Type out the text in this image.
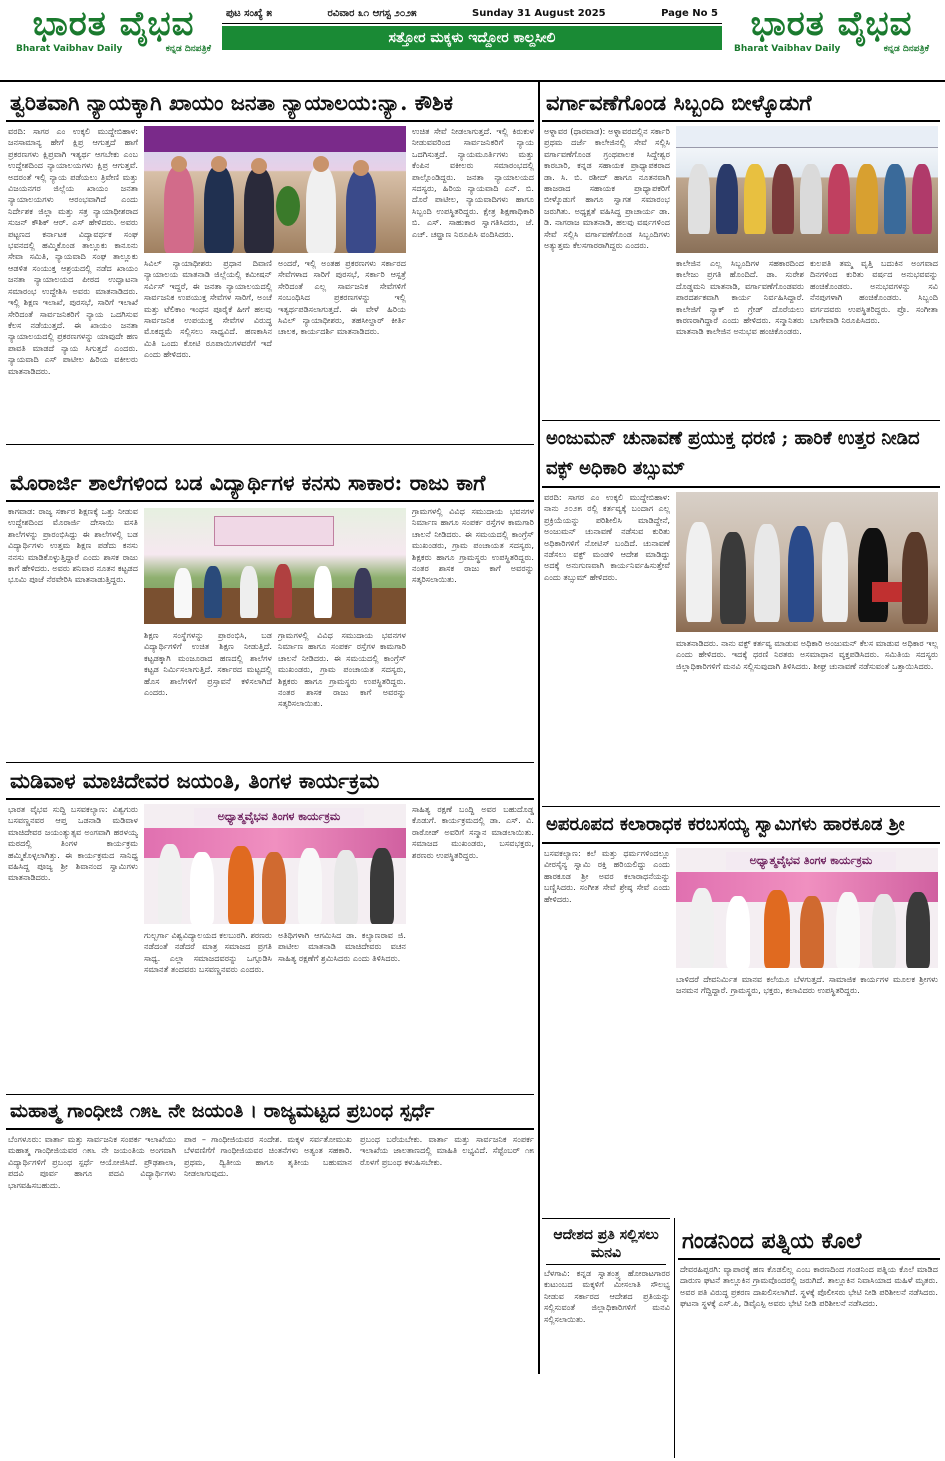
ಭಾರತ ವೈಭವ
Bharat Vaibhav Daily	ಕನ್ನಡ ದಿನಪತ್ರಿಕೆ
ಪುಟ ಸಂಖ್ಯೆ ೫	ರವಿವಾರ ೩೧ ಆಗಸ್ಟ ೨೦೨೫	Sunday 31 August 2025	Page No 5
ಸತ್ತೋರ ಮಕ್ಕಳು ಇದ್ದೋರ ಕಾಲ್ದಸೀಲಿ	ಭಾರತ ವೈಭವ
Bharat Vaibhav Daily	ಕನ್ನಡ ದಿನಪತ್ರಿಕೆ
ತ್ವರಿತವಾಗಿ ನ್ಯಾಯಕ್ಕಾಗಿ ಖಾಯಂ ಜನತಾ ನ್ಯಾಯಾಲಯ:ನ್ಯಾ. ಕೌಶಿಕ
ವರದಿ: ಸಾಗರ ಎಂ ಉಕ್ಕಲಿ ಮುದ್ದೇಬಿಹಾಳ: ಜನಸಾಮಾನ್ಯ ಹೇಗೆ ಕ್ಷಿಪ್ರ ಆಗುತ್ತದೆ ಹಾಗೆ ಪ್ರಕರಣಗಳು ಕ್ಷಿಪ್ರವಾಗಿ ಇತ್ಯರ್ಥ ಆಗಬೇಕು ಎಂಬ ಉದ್ದೇಶದಿಂದ ನ್ಯಾಯಾಲಯಗಳು ಕ್ಷಿಪ್ರ ಆಗುತ್ತವೆ. ಅದರಂತೆ ಇಲ್ಲಿ ನ್ಯಾಯ ಪಡೆಯಲು ತ್ರಿವೇಣಿ ಮತ್ತು ವಿಜಯನಗರ ಜಿಲ್ಲೆಯ ಖಾಯಂ ಜನತಾ ನ್ಯಾಯಾಲಯಗಳು ಆರಂಭವಾಗಿದೆ ಎಂದು ನಿರ್ದೇಶಕ ಜಿಲ್ಲಾ ಮತ್ತು ಸತ್ರ ನ್ಯಾಯಾಧೀಶರಾದ ಸುಜನ್ ಕೌಶಿಕ್ ಆರ್. ಎಸ್ ಹೇಳಿದರು. ಅವರು ಪಟ್ಟಣದ ಕರ್ನಾಟಕ ವಿದ್ಯಾವರ್ಧಕ ಸಂಘ ಭವನದಲ್ಲಿ ಹಮ್ಮಿಕೊಂಡ ತಾಲ್ಲೂಕು ಕಾನೂನು ಸೇವಾ ಸಮಿತಿ, ನ್ಯಾಯವಾದಿ ಸಂಘ ತಾಲ್ಲೂಕು ಆಡಳಿತ ಸಂಯುಕ್ತ ಆಶ್ರಯದಲ್ಲಿ ನಡೆದ ಖಾಯಂ ಜನತಾ ನ್ಯಾಯಾಲಯದ ಪೀಠದ ಉದ್ಘಾಟನಾ ಸಮಾರಂಭ ಉದ್ದೇಶಿಸಿ ಅವರು ಮಾತನಾಡಿದರು. ಇಲ್ಲಿ ಶಿಕ್ಷಣ ಇಲಾಖೆ, ಪುರಸಭೆ, ಸಾರಿಗೆ ಇಲಾಖೆ ಸೇರಿದಂತೆ ಸಾರ್ವಜನಿಕರಿಗೆ ನ್ಯಾಯ ಒದಗಿಸುವ ಕೆಲಸ ನಡೆಯುತ್ತದೆ. ಈ ಖಾಯಂ ಜನತಾ ನ್ಯಾಯಾಲಯದಲ್ಲಿ ಪ್ರಕರಣಗಳನ್ನು ಯಾವುದೇ ಹಣ ಪಾವತಿ ಮಾಡದೆ ನ್ಯಾಯ ಸಿಗುತ್ತದೆ ಎಂದರು. ನ್ಯಾಯವಾದಿ ಎಸ್ ಪಾಟೀಲ ಹಿರಿಯ ವಕೀಲರು ಮಾತನಾಡಿದರು.
ಸಿವಿಲ್ ನ್ಯಾಯಾಧೀಶರು ಪ್ರಧಾನ ದಿವಾಣಿ ನ್ಯಾಯಾಲಯ ಮಾತನಾಡಿ ಜಿಲ್ಲೆಯಲ್ಲಿ ಕಮೀಷನ್ ಸರ್ವಿಸ್ ಇದ್ದರೆ, ಈ ಜನತಾ ನ್ಯಾಯಾಲಯದಲ್ಲಿ ಸಾರ್ವಜನಿಕ ಉಪಯುಕ್ತ ಸೇವೆಗಳ ಸಾರಿಗೆ, ಅಂಚೆ ಮತ್ತು ಟೆಲಿಕಾಂ ಇಂಧನ ಪೂರೈಕೆ ಹೀಗೆ ಹಲವು ಸಾರ್ವಜನಿಕ ಉಪಯುಕ್ತ ಸೇವೆಗಳ ವಿರುದ್ಧ ಮೊಕದ್ದಮೆ ಸಲ್ಲಿಸಲು ಸಾಧ್ಯವಿದೆ. ಹಣಕಾಸಿನ ಮಿತಿ ಒಂದು ಕೋಟಿ ರೂಪಾಯಿಗಳವರೆಗೆ ಇದೆ ಎಂದು ಹೇಳಿದರು.
ಅಂದರೆ, ಇಲ್ಲಿ ಅಂತಹ ಪ್ರಕರಣಗಳು ಸರ್ಕಾರದ ಸೇವೆಗಳಾದ ಸಾರಿಗೆ ಪುರಸಭೆ, ಸರ್ಕಾರಿ ಆಸ್ಪತ್ರೆ ಸೇರಿದಂತೆ ಎಲ್ಲ ಸಾರ್ವಜನಿಕ ಸೇವೆಗಳಿಗೆ ಸಂಬಂಧಿಸಿದ ಪ್ರಕರಣಗಳನ್ನು ಇಲ್ಲಿ ಇತ್ಯರ್ಥಪಡಿಸಲಾಗುತ್ತದೆ. ಈ ವೇಳೆ ಹಿರಿಯ ಸಿವಿಲ್ ನ್ಯಾಯಾಧೀಶರು, ತಹಸೀಲ್ದಾರ್ ಕೀರ್ತಿ ಚಾಲಕ, ಕಾರ್ಯದರ್ಶಿ ಮಾತನಾಡಿದರು.
ಉಚಿತ ಸೇವೆ ನೀಡಲಾಗುತ್ತದೆ. ಇಲ್ಲಿ ಕಿರುಕುಳ ನೀಡುವವರಿಂದ ಸಾರ್ವಜನಿಕರಿಗೆ ನ್ಯಾಯ ಒದಗಿಸುತ್ತದೆ. ನ್ಯಾಯಮೂರ್ತಿಗಳು ಮತ್ತು ಕೆಂಪಿನ ವಕೀಲರು ಸಮಾರಂಭದಲ್ಲಿ ಪಾಲ್ಗೊಂಡಿದ್ದರು. ಜನತಾ ನ್ಯಾಯಾಲಯದ ಸದಸ್ಯರು, ಹಿರಿಯ ನ್ಯಾಯವಾದಿ ಎನ್. ಬಿ. ದೊರೆ ಪಾಟೀಲ, ನ್ಯಾಯವಾದಿಗಳು ಹಾಗೂ ಸಿಬ್ಬಂದಿ ಉಪಸ್ಥಿತರಿದ್ದರು. ಕ್ಷೇತ್ರ ಶಿಕ್ಷಣಾಧಿಕಾರಿ ಬಿ. ಎಸ್. ಸಾಹುಕಾರ ಸ್ವಾಗತಿಸಿದರು, ಜೆ. ಎಚ್. ಚವ್ಹಾಣ ನಿರೂಪಿಸಿ ವಂದಿಸಿದರು.
ವರ್ಗಾವಣೆಗೊಂಡ ಸಿಬ್ಬಂದಿ ಬೀಳ್ಕೊಡುಗೆ
ಅಳ್ನಾವರ (ಧಾರವಾಡ): ಅಳ್ನಾವರದಲ್ಲಿನ ಸರ್ಕಾರಿ ಪ್ರಥಮ ದರ್ಜೆ ಕಾಲೇಜಿನಲ್ಲಿ ಸೇವೆ ಸಲ್ಲಿಸಿ ವರ್ಗಾವಣೆಗೊಂಡ ಗ್ರಂಥಪಾಲಕ ಸಿದ್ದೇಶ್ವರ ಕಾರಬಾರಿ, ಕನ್ನಡ ಸಹಾಯಕ ಪ್ರಾಧ್ಯಾಪಕರಾದ ಡಾ. ಸಿ. ಬಿ. ರಶೀದ್ ಹಾಗೂ ನೂತನವಾಗಿ ಹಾಜರಾದ ಸಹಾಯಕ ಪ್ರಾಧ್ಯಾಪಕರಿಗೆ ಬೀಳ್ಕೊಡುಗೆ ಹಾಗೂ ಸ್ವಾಗತ ಸಮಾರಂಭ ಜರುಗಿತು. ಅಧ್ಯಕ್ಷತೆ ವಹಿಸಿದ್ದ ಪ್ರಾಚಾರ್ಯ ಡಾ. ಡಿ. ನಾಗರಾಜ ಮಾತನಾಡಿ, ಹಲವು ವರ್ಷಗಳಿಂದ ಸೇವೆ ಸಲ್ಲಿಸಿ ವರ್ಗಾವಣೆಗೊಂಡ ಸಿಬ್ಬಂದಿಗಳು ಅತ್ಯುತ್ತಮ ಕೆಲಸಗಾರರಾಗಿದ್ದರು ಎಂದರು.
ಕಾಲೇಜಿನ ಎಲ್ಲ ಸಿಬ್ಬಂದಿಗಳ ಸಹಕಾರದಿಂದ ಕಾಲೇಜು ಪ್ರಗತಿ ಹೊಂದಿದೆ. ಡಾ. ಸುರೇಶ ದೊಡ್ಡಮನಿ ಮಾತನಾಡಿ, ವರ್ಗಾವಣೆಗೊಂಡವರು ಪಾರದರ್ಶಕವಾಗಿ ಕಾರ್ಯ ನಿರ್ವಹಿಸಿದ್ದಾರೆ. ಕಾಲೇಜಿಗೆ ನ್ಯಾಕ್ ಬಿ ಗ್ರೇಡ್ ದೊರೆಯಲು ಕಾರಣರಾಗಿದ್ದಾರೆ ಎಂದು ಹೇಳಿದರು. ಸನ್ಮಾನಿತರು ಮಾತನಾಡಿ ಕಾಲೇಜಿನ ಅನುಭವ ಹಂಚಿಕೊಂಡರು.
ಕುಲಪತಿ ತಮ್ಮ ವೃತ್ತಿ ಬದುಕಿನ ಅಂಗವಾದ ದಿನಗಳಿಂದ ಕುರಿತು ವರ್ಷದ ಅನುಭವವನ್ನು ಹಂಚಿಕೊಂಡರು. ಅನುಭವಗಳನ್ನು ಸವಿ ನೆನಪುಗಳಾಗಿ ಹಂಚಿಕೊಂಡರು. ಸಿಬ್ಬಂದಿ ವರ್ಗದವರು ಉಪಸ್ಥಿತರಿದ್ದರು. ಪ್ರೊ. ಸಂಗೀತಾ ಬಾಗೇವಾಡಿ ನಿರೂಪಿಸಿದರು.
ಮೊರಾರ್ಜಿ ಶಾಲೆಗಳಿಂದ ಬಡ ವಿದ್ಯಾರ್ಥಿಗಳ ಕನಸು ಸಾಕಾರ: ರಾಜು ಕಾಗೆ
ಕಾಗವಾಡ: ರಾಜ್ಯ ಸರ್ಕಾರ ಶಿಕ್ಷಣಕ್ಕೆ ಒತ್ತು ನೀಡುವ ಉದ್ದೇಶದಿಂದ ಮೊರಾರ್ಜಿ ದೇಸಾಯಿ ವಸತಿ ಶಾಲೆಗಳನ್ನು ಪ್ರಾರಂಭಿಸಿದ್ದು ಈ ಶಾಲೆಗಳಲ್ಲಿ ಬಡ ವಿದ್ಯಾರ್ಥಿಗಳು ಉತ್ತಮ ಶಿಕ್ಷಣ ಪಡೆದು ಕನಸು ನನಸು ಮಾಡಿಕೊಳ್ಳುತ್ತಿದ್ದಾರೆ ಎಂದು ಶಾಸಕ ರಾಜು ಕಾಗೆ ಹೇಳಿದರು. ಅವರು ಶನಿವಾರ ನೂತನ ಕಟ್ಟಡದ ಭೂಮಿ ಪೂಜೆ ನೆರವೇರಿಸಿ ಮಾತನಾಡುತ್ತಿದ್ದರು.
ಶಿಕ್ಷಣ ಸಂಸ್ಥೆಗಳನ್ನು ಪ್ರಾರಂಭಿಸಿ, ಬಡ ವಿದ್ಯಾರ್ಥಿಗಳಿಗೆ ಉಚಿತ ಶಿಕ್ಷಣ ನೀಡುತ್ತಿದೆ. ಕಟ್ಟಡಕ್ಕಾಗಿ ಮಂಜೂರಾದ ಹಣದಲ್ಲಿ ಶಾಲೆಗಳ ಕಟ್ಟಡ ನಿರ್ಮಿಸಲಾಗುತ್ತಿದೆ. ಸರ್ಕಾರದ ಮಟ್ಟದಲ್ಲಿ ಹೊಸ ಶಾಲೆಗಳಿಗೆ ಪ್ರಸ್ತಾವನೆ ಕಳಿಸಲಾಗಿದೆ ಎಂದರು.
ಗ್ರಾಮಗಳಲ್ಲಿ ವಿವಿಧ ಸಮುದಾಯ ಭವನಗಳ ನಿರ್ಮಾಣ ಹಾಗೂ ಸಂಪರ್ಕ ರಸ್ತೆಗಳ ಕಾಮಗಾರಿ ಚಾಲನೆ ನೀಡಿದರು. ಈ ಸಮಯದಲ್ಲಿ ಕಾಂಗ್ರೆಸ್ ಮುಖಂಡರು, ಗ್ರಾಮ ಪಂಚಾಯತ ಸದಸ್ಯರು, ಶಿಕ್ಷಕರು ಹಾಗೂ ಗ್ರಾಮಸ್ಥರು ಉಪಸ್ಥಿತರಿದ್ದರು. ನಂತರ ಶಾಸಕ ರಾಜು ಕಾಗೆ ಅವರನ್ನು ಸತ್ಕರಿಸಲಾಯಿತು.
ಗ್ರಾಮಗಳಲ್ಲಿ ವಿವಿಧ ಸಮುದಾಯ ಭವನಗಳ ನಿರ್ಮಾಣ ಹಾಗೂ ಸಂಪರ್ಕ ರಸ್ತೆಗಳ ಕಾಮಗಾರಿ ಚಾಲನೆ ನೀಡಿದರು. ಈ ಸಮಯದಲ್ಲಿ ಕಾಂಗ್ರೆಸ್ ಮುಖಂಡರು, ಗ್ರಾಮ ಪಂಚಾಯತ ಸದಸ್ಯರು, ಶಿಕ್ಷಕರು ಹಾಗೂ ಗ್ರಾಮಸ್ಥರು ಉಪಸ್ಥಿತರಿದ್ದರು. ನಂತರ ಶಾಸಕ ರಾಜು ಕಾಗೆ ಅವರನ್ನು ಸತ್ಕರಿಸಲಾಯಿತು.
ಅಂಜುಮನ್ ಚುನಾವಣೆ ಪ್ರಯುಕ್ತ ಧರಣಿ ; ಹಾರಿಕೆ ಉತ್ತರ ನೀಡಿದ ವಕ್ಫ್ ಅಧಿಕಾರಿ ತಬ್ಸುಮ್
ವರದಿ: ಸಾಗರ ಎಂ ಉಕ್ಕಲಿ ಮುದ್ದೇಬಿಹಾಳ: ನಾನು ೨೦೨೫ ರಲ್ಲಿ ಕರ್ತವ್ಯಕ್ಕೆ ಬಂದಾಗ ಎಲ್ಲ ಪ್ರಕ್ರಿಯೆಯನ್ನು ಪರಿಶೀಲಿಸಿ ಮಾಡಿದ್ದೇನೆ, ಅಂಜುಮನ್ ಚುನಾವಣೆ ನಡೆಸುವ ಕುರಿತು ಅಧಿಕಾರಿಗಳಿಗೆ ನೋಟಿಸ್ ಬಂದಿದೆ. ಚುನಾವಣೆ ನಡೆಸಲು ವಕ್ಫ್ ಮಂಡಳಿ ಆದೇಶ ಮಾಡಿದ್ದು ಅದಕ್ಕೆ ಅನುಗುಣವಾಗಿ ಕಾರ್ಯನಿರ್ವಹಿಸುತ್ತೇವೆ ಎಂದು ತಬ್ಸುಮ್ ಹೇಳಿದರು.
ಮಾತನಾಡಿದರು. ನಾನು ವಕ್ಫ್ ಕರ್ತವ್ಯ ಮಾಡುವ ಅಧಿಕಾರಿ ಅಂಜುಮನ್ ಕೆಲಸ ಮಾಡುವ ಅಧಿಕಾರ ಇಲ್ಲ ಎಂದು ಹೇಳಿದರು. ಇದಕ್ಕೆ ಧರಣಿ ನಿರತರು ಅಸಮಾಧಾನ ವ್ಯಕ್ತಪಡಿಸಿದರು. ಸಮಿತಿಯ ಸದಸ್ಯರು ಜಿಲ್ಲಾಧಿಕಾರಿಗಳಿಗೆ ಮನವಿ ಸಲ್ಲಿಸುವುದಾಗಿ ತಿಳಿಸಿದರು. ಶೀಘ್ರ ಚುನಾವಣೆ ನಡೆಸುವಂತೆ ಒತ್ತಾಯಿಸಿದರು.
ಮಡಿವಾಳ ಮಾಚಿದೇವರ ಜಯಂತಿ, ತಿಂಗಳ ಕಾರ್ಯಕ್ರಮ
ಭಾರತ ವೈಭವ ಸುದ್ದಿ ಬಸವಕಲ್ಯಾಣ: ವಿಶ್ವಗುರು ಬಸವಣ್ಣನವರ ಆಪ್ತ ಒಡನಾಡಿ ಮಡಿವಾಳ ಮಾಚಿದೇವರ ಜಯಂತ್ಯುತ್ಸವ ಅಂಗವಾಗಿ ಹರಳಯ್ಯ ಮಠದಲ್ಲಿ ತಿಂಗಳ ಕಾರ್ಯಕ್ರಮ ಹಮ್ಮಿಕೊಳ್ಳಲಾಗಿತ್ತು. ಈ ಕಾರ್ಯಕ್ರಮದ ಸಾನಿಧ್ಯ ವಹಿಸಿದ್ದ ಪೂಜ್ಯ ಶ್ರೀ ಶಿವಾನಂದ ಸ್ವಾಮಿಗಳು ಮಾತನಾಡಿದರು.
ಅಧ್ಯಾತ್ಮವೈಭವ ತಿಂಗಳ ಕಾರ್ಯಕ್ರಮ
ಗುಲ್ಬರ್ಗಾ ವಿಶ್ವವಿದ್ಯಾಲಯದ ಕಲಬುರಗಿ. ಶರಣರು ನಡೆದಂತೆ ನಡೆದರೆ ಮಾತ್ರ ಸಮಾಜದ ಪ್ರಗತಿ ಸಾಧ್ಯ. ಎಲ್ಲಾ ಸಮಾಜದವರನ್ನು ಒಗ್ಗೂಡಿಸಿ ಸಮಾನತೆ ತಂದವರು ಬಸವಣ್ಣನವರು ಎಂದರು.
ಅತಿಥಿಗಳಾಗಿ ಆಗಮಿಸಿದ ಡಾ. ಕಲ್ಯಾಣರಾವ ಜಿ. ಪಾಟೀಲ ಮಾತನಾಡಿ ಮಾಚಿದೇವರು ವಚನ ಸಾಹಿತ್ಯ ರಕ್ಷಣೆಗೆ ಶ್ರಮಿಸಿದರು ಎಂದು ತಿಳಿಸಿದರು.
ಸಾಹಿತ್ಯ ರಕ್ಷಣೆ ಬಂದ್ದಿ ಅವರ ಬಹುದೊಡ್ಡ ಕೊಡುಗೆ. ಕಾರ್ಯಕ್ರಮದಲ್ಲಿ ಡಾ. ಎಸ್. ವಿ. ರಾಠೋಡ್ ಅವರಿಗೆ ಸನ್ಮಾನ ಮಾಡಲಾಯಿತು. ಸಮಾಜದ ಮುಖಂಡರು, ಬಸವಭಕ್ತರು, ಶರಣರು ಉಪಸ್ಥಿತರಿದ್ದರು.
ಅಪರೂಪದ ಕಲಾರಾಧಕ ಕರಬಸಯ್ಯ ಸ್ವಾಮಿಗಳು ಹಾರಕೂಡ ಶ್ರೀ
ಬಸವಕಲ್ಯಾಣ: ಕಲೆ ಮತ್ತು ಧರ್ಮಗಳಿಂದಲ್ಲೂ ವೀರಸೈನ್ಯ ಸ್ವಾಮಿ ರಕ್ತಿ ಹರಿಯಲಿದ್ದು ಎಂದು ಹಾರಕೂಡ ಶ್ರೀ ಅವರ ಕಲಾರಾಧನೆಯನ್ನು ಬಣ್ಣಿಸಿದರು. ಸಂಗೀತ ಸೇವೆ ಶ್ರೇಷ್ಠ ಸೇವೆ ಎಂದು ಹೇಳಿದರು.
ಅಧ್ಯಾತ್ಮವೈಭವ ತಿಂಗಳ ಕಾರ್ಯಕ್ರಮ
ಬಾಳಿದರೆ ದೇವನಿರ್ಮಿತ ಮಾನವ ಕಲೆಯೂ ಬೆಳಗುತ್ತದೆ. ಸಾಮಾಜಿಕ ಕಾರ್ಯಗಳ ಮೂಲಕ ಶ್ರೀಗಳು ಜನಮನ ಗೆದ್ದಿದ್ದಾರೆ. ಗ್ರಾಮಸ್ಥರು, ಭಕ್ತರು, ಕಲಾವಿದರು ಉಪಸ್ಥಿತರಿದ್ದರು.
ಮಹಾತ್ಮ ಗಾಂಧೀಜಿ ೧೫೬ ನೇ ಜಯಂತಿ । ರಾಜ್ಯಮಟ್ಟದ ಪ್ರಬಂಧ ಸ್ಪರ್ಧೆ
ಬೆಂಗಳೂರು: ವಾರ್ತಾ ಮತ್ತು ಸಾರ್ವಜನಿಕ ಸಂಪರ್ಕ ಇಲಾಖೆಯು ಮಹಾತ್ಮ ಗಾಂಧೀಜಿಯವರ ೧೫೬ ನೇ ಜಯಂತಿಯ ಅಂಗವಾಗಿ ವಿದ್ಯಾರ್ಥಿಗಳಿಗೆ ಪ್ರಬಂಧ ಸ್ಪರ್ಧೆ ಆಯೋಜಿಸಿದೆ. ಪ್ರೌಢಶಾಲಾ, ಪದವಿ ಪೂರ್ವ ಹಾಗೂ ಪದವಿ ವಿದ್ಯಾರ್ಥಿಗಳು ಭಾಗವಹಿಸಬಹುದು.
ಪಾಠ – ಗಾಂಧೀಜಿಯವರ ಸಂದೇಶ. ಮಕ್ಕಳ ಸರ್ವತೋಮುಖ ಬೆಳವಣಿಗೆಗೆ ಗಾಂಧೀಜಿಯವರ ಚಿಂತನೆಗಳು ಅತ್ಯಂತ ಸಹಕಾರಿ. ಪ್ರಥಮ, ದ್ವಿತೀಯ ಹಾಗೂ ತೃತೀಯ ಬಹುಮಾನ ನೀಡಲಾಗುವುದು.
ಪ್ರಬಂಧ ಬರೆಯಬೇಕು. ವಾರ್ತಾ ಮತ್ತು ಸಾರ್ವಜನಿಕ ಸಂಪರ್ಕ ಇಲಾಖೆಯ ಜಾಲತಾಣದಲ್ಲಿ ಮಾಹಿತಿ ಲಭ್ಯವಿದೆ. ಸೆಪ್ಟೆಂಬರ್ ೧೫ ರೊಳಗೆ ಪ್ರಬಂಧ ಕಳುಹಿಸಬೇಕು.
ಆದೇಶದ ಪ್ರತಿ ಸಲ್ಲಿಸಲು ಮನವಿ
ಬೆಳಗಾವಿ: ಕನ್ನಡ ಸ್ವಾತಂತ್ರ್ಯ ಹೋರಾಟಗಾರರ ಕುಟುಂಬದ ಮಕ್ಕಳಿಗೆ ಮೀಸಲಾತಿ ಸೌಲಭ್ಯ ನೀಡುವ ಸರ್ಕಾರದ ಆದೇಶದ ಪ್ರತಿಯನ್ನು ಸಲ್ಲಿಸುವಂತೆ ಜಿಲ್ಲಾಧಿಕಾರಿಗಳಿಗೆ ಮನವಿ ಸಲ್ಲಿಸಲಾಯಿತು.
ಗಂಡನಿಂದ ಪತ್ನಿಯ ಕೊಲೆ
ದೇವರಹಿಪ್ಪರಗಿ: ವ್ಯಾಪಾರಕ್ಕೆ ಹಣ ಕೊಡಲಿಲ್ಲ ಎಂಬ ಕಾರಣದಿಂದ ಗಂಡನಿಂದ ಪತ್ನಿಯ ಕೊಲೆ ಮಾಡಿದ ದಾರುಣ ಘಟನೆ ತಾಲ್ಲೂಕಿನ ಗ್ರಾಮವೊಂದರಲ್ಲಿ ಜರುಗಿದೆ. ತಾಲ್ಲೂಕಿನ ನಿವಾಸಿಯಾದ ಮಹಿಳೆ ಮೃತರು. ಅವರ ಪತಿ ವಿರುದ್ಧ ಪ್ರಕರಣ ದಾಖಲಿಸಲಾಗಿದೆ. ಸ್ಥಳಕ್ಕೆ ಪೊಲೀಸರು ಭೇಟಿ ನೀಡಿ ಪರಿಶೀಲನೆ ನಡೆಸಿದರು. ಘಟನಾ ಸ್ಥಳಕ್ಕೆ ಎಸ್.ಪಿ, ಡಿವೈಎಸ್ಪಿ ಅವರು ಭೇಟಿ ನೀಡಿ ಪರಿಶೀಲನೆ ನಡೆಸಿದರು.
